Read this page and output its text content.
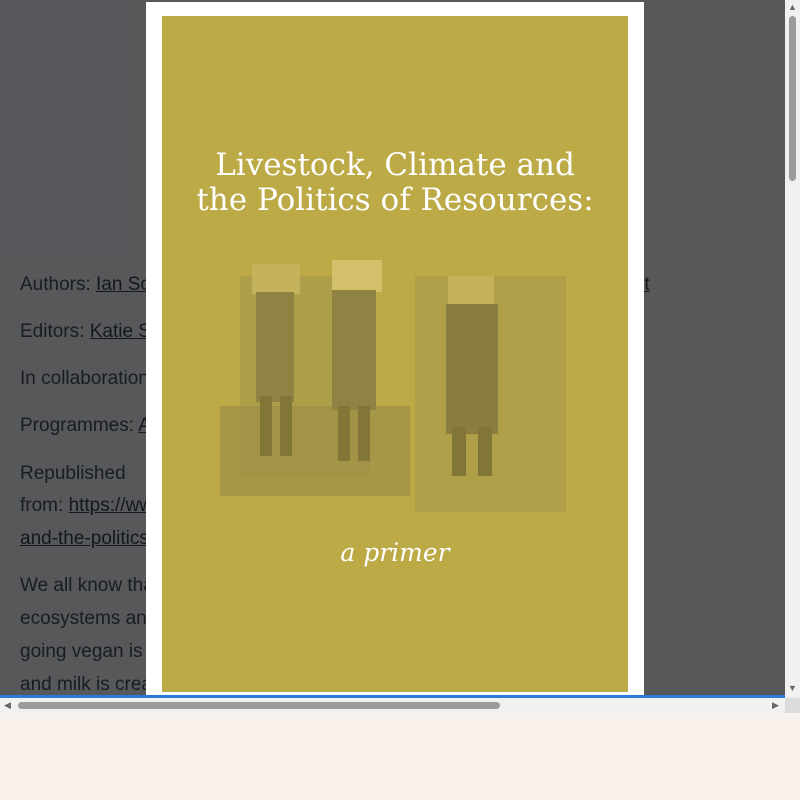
Livestock, Climate and
the Politics of Resources:
a primer
◀	▶
▲
▼
